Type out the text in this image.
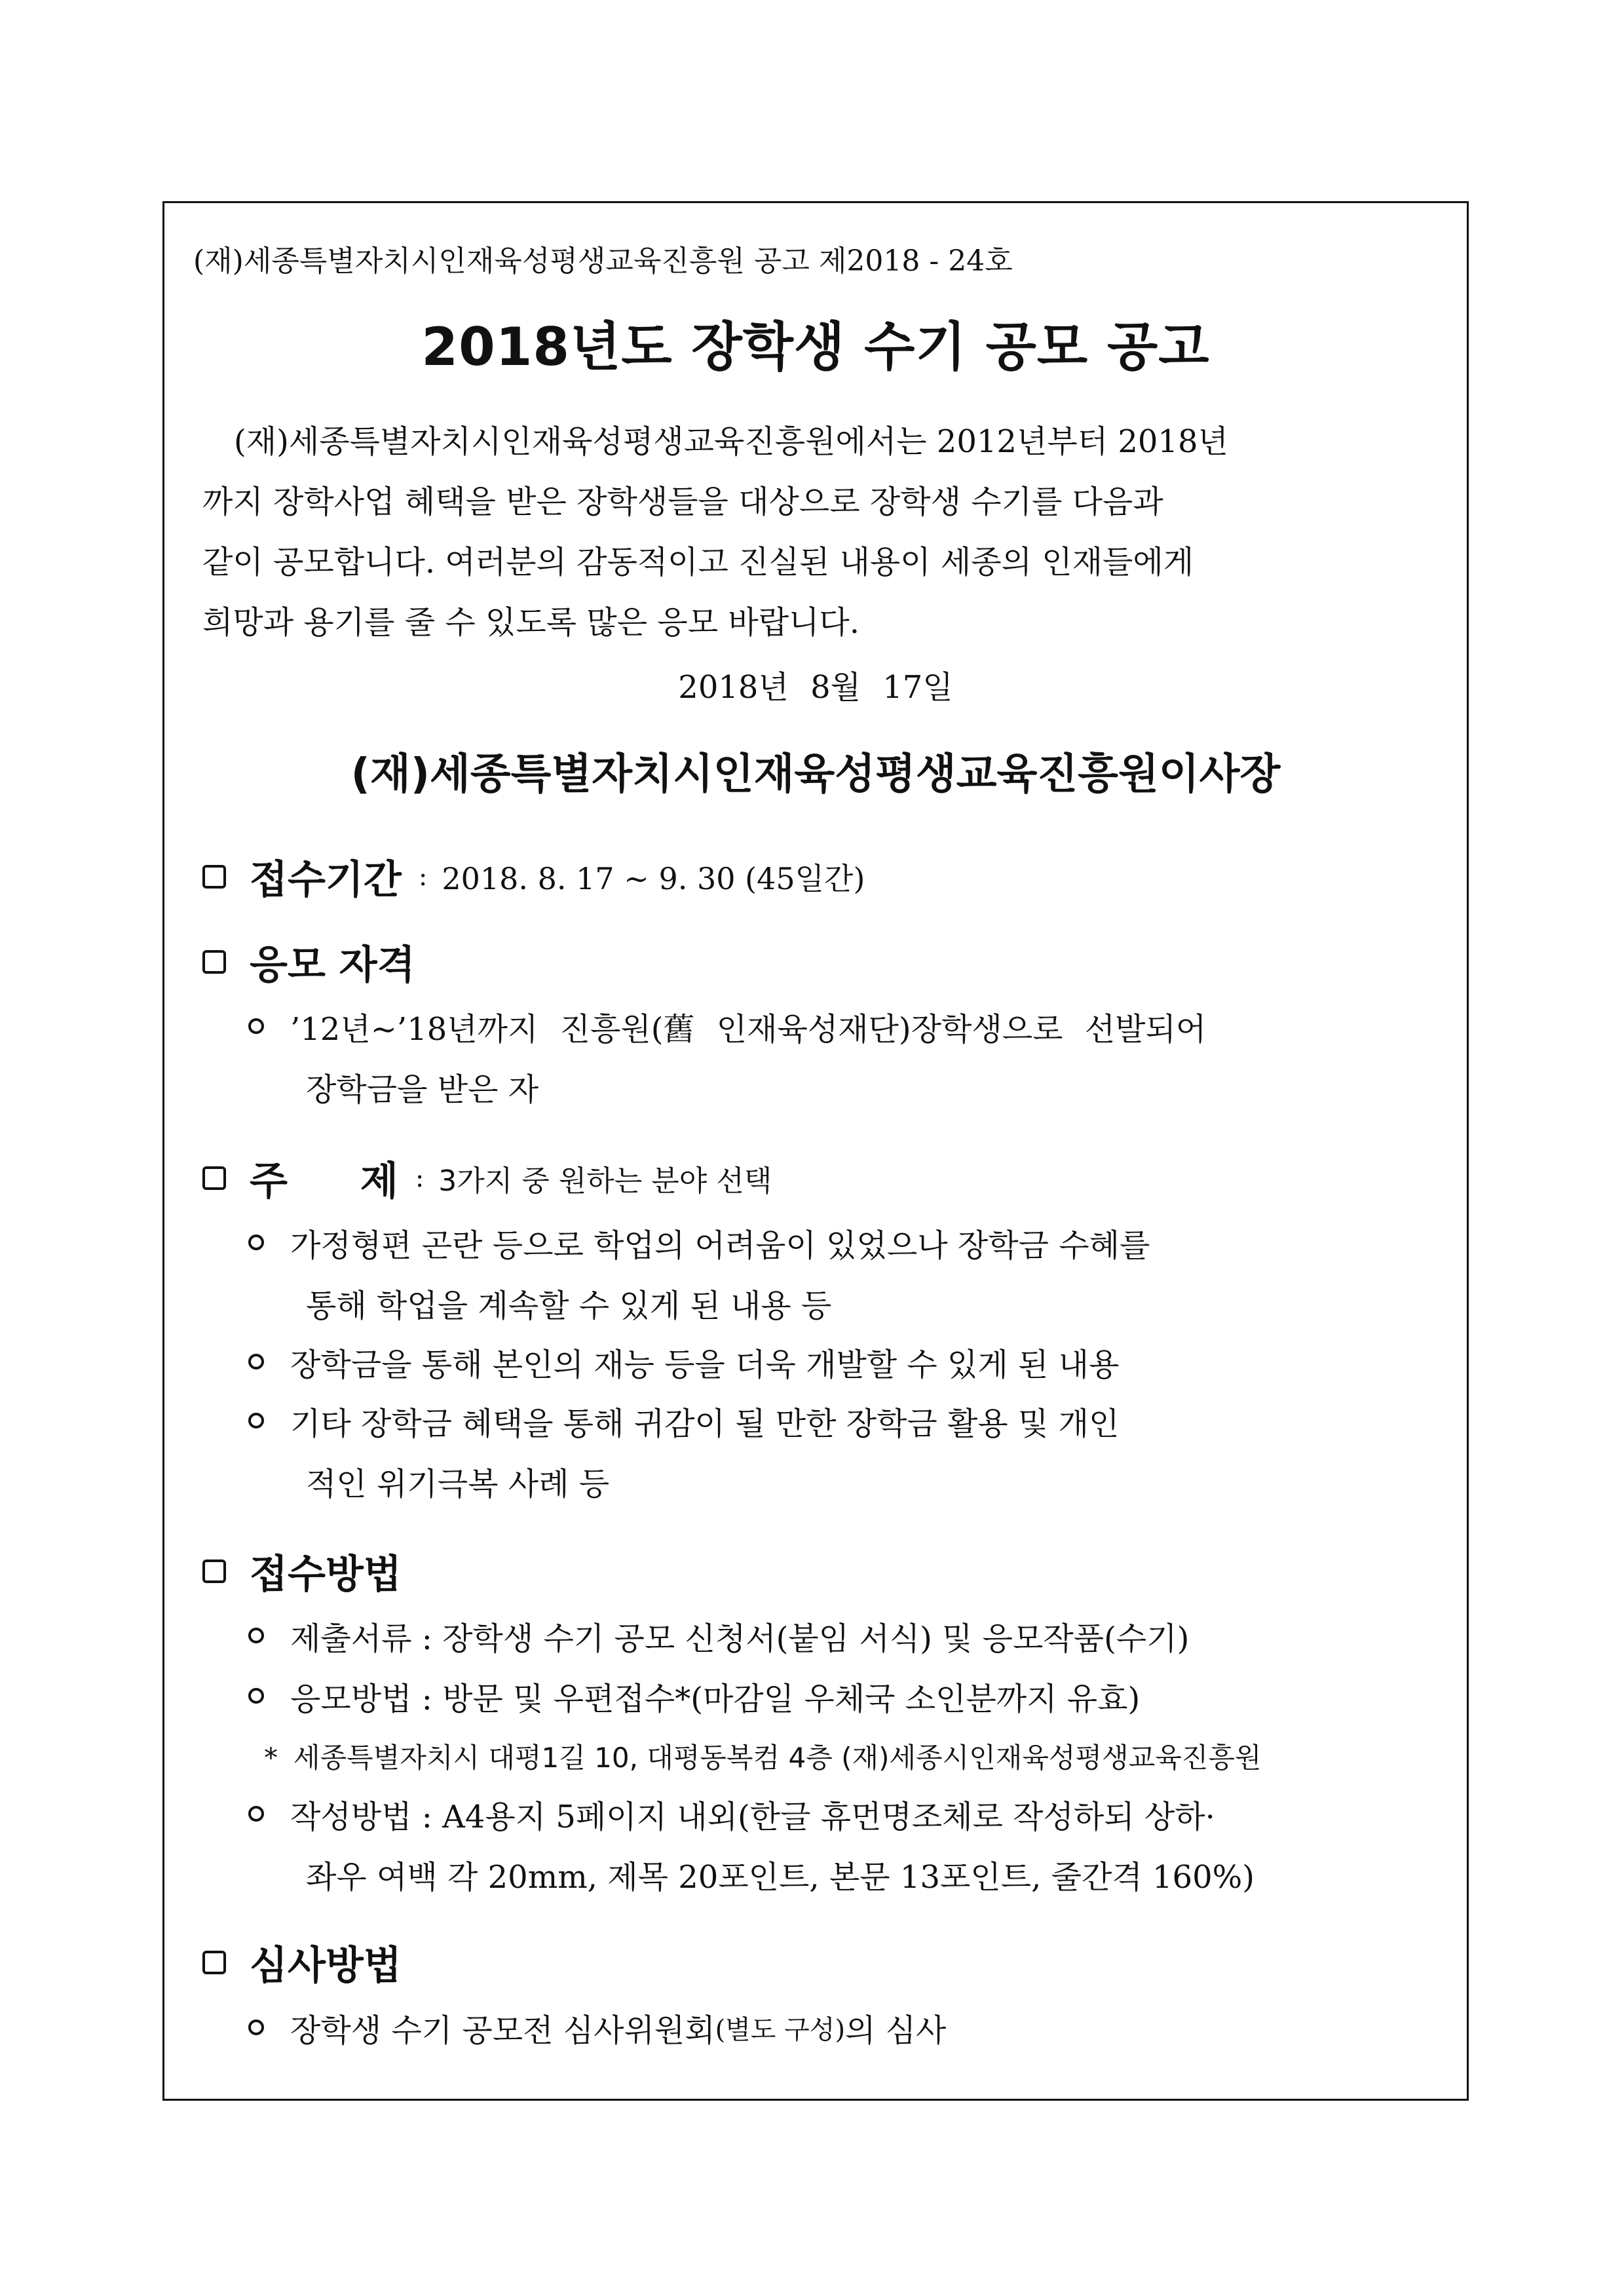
(재)세종특별자치시인재육성평생교육진흥원 공고 제2018 - 24호
2018년도 장학생 수기 공모 공고
(재)세종특별자치시인재육성평생교육진흥원에서는 2012년부터 2018년
까지 장학사업 혜택을 받은 장학생들을 대상으로 장학생 수기를 다음과
같이 공모합니다. 여러분의 감동적이고 진실된 내용이 세종의 인재들에게
희망과 용기를 줄 수 있도록 많은 응모 바랍니다.
2018년 8월 17일
(재)세종특별자치시인재육성평생교육진흥원이사장
접수기간 : 2018. 8. 17 ∼ 9. 30 (45일간)
응모 자격
’12년∼’18년까지 진흥원(舊 인재육성재단)장학생으로 선발되어
장학금을 받은 자
주 제 : 3가지 중 원하는 분야 선택
가정형편 곤란 등으로 학업의 어려움이 있었으나 장학금 수혜를
통해 학업을 계속할 수 있게 된 내용 등
장학금을 통해 본인의 재능 등을 더욱 개발할 수 있게 된 내용
기타 장학금 혜택을 통해 귀감이 될 만한 장학금 활용 및 개인
적인 위기극복 사례 등
접수방법
제출서류 : 장학생 수기 공모 신청서(붙임 서식) 및 응모작품(수기)
응모방법 : 방문 및 우편접수*(마감일 우체국 소인분까지 유효)
* 세종특별자치시 대평1길 10, 대평동복컴 4층 (재)세종시인재육성평생교육진흥원
작성방법 : A4용지 5페이지 내외(한글 휴먼명조체로 작성하되 상하·
좌우 여백 각 20mm, 제목 20포인트, 본문 13포인트, 줄간격 160%)
심사방법
장학생 수기 공모전 심사위원회 (별도 구성) 의 심사
